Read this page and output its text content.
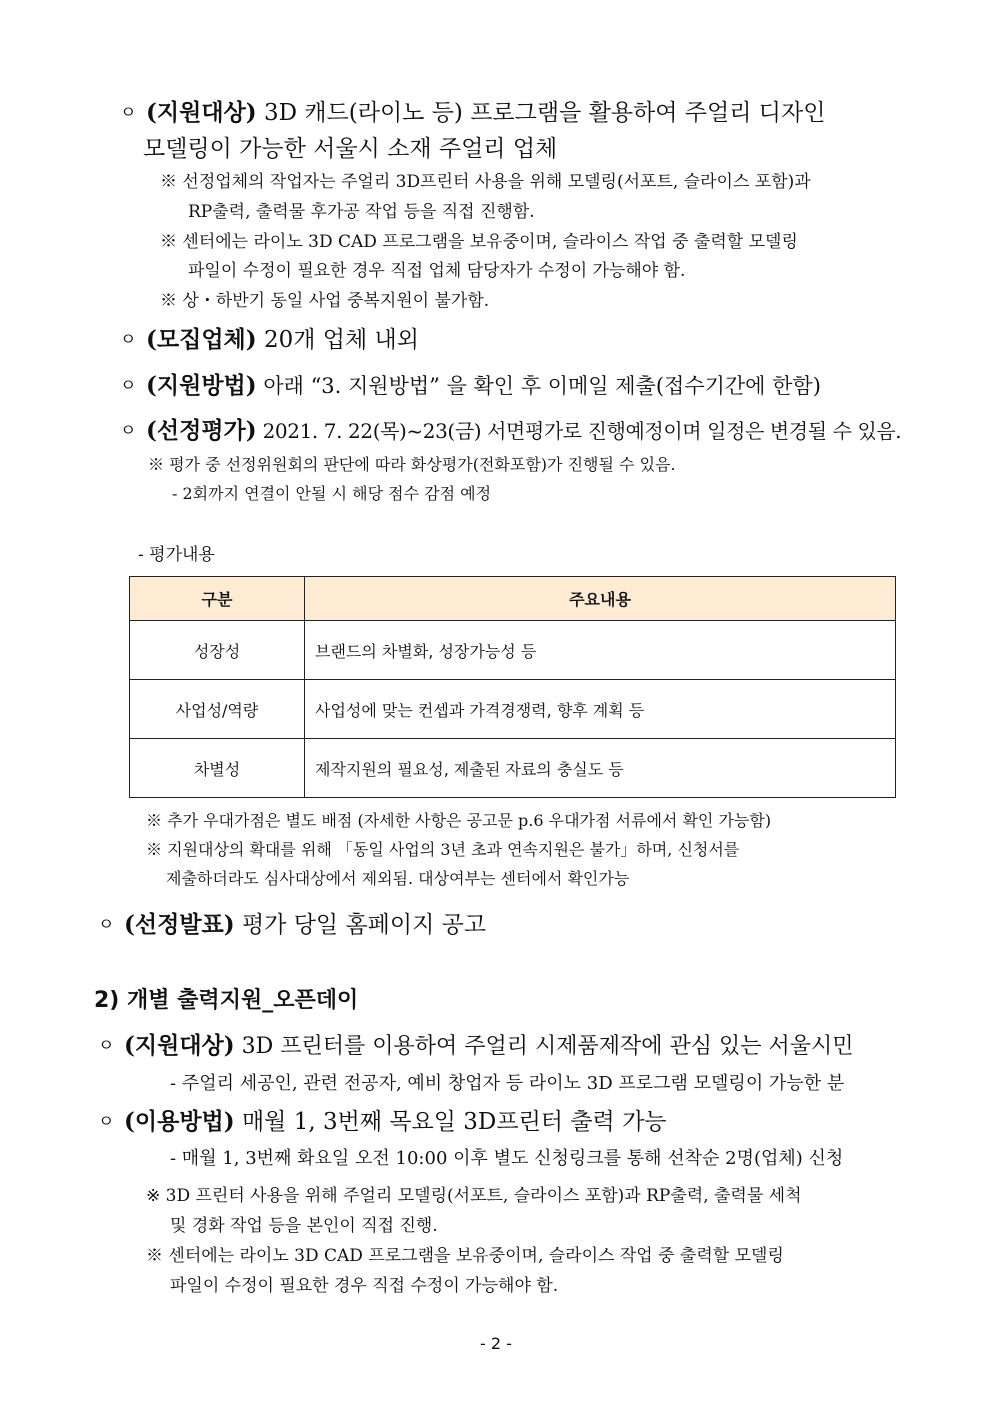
ㅇ (지원대상) 3D 캐드(라이노 등) 프로그램을 활용하여 주얼리 디자인
모델링이 가능한 서울시 소재 주얼리 업체
※ 선정업체의 작업자는 주얼리 3D프린터 사용을 위해 모델링(서포트, 슬라이스 포함)과
RP출력, 출력물 후가공 작업 등을 직접 진행함.
※ 센터에는 라이노 3D CAD 프로그램을 보유중이며, 슬라이스 작업 중 출력할 모델링
파일이 수정이 필요한 경우 직접 업체 담당자가 수정이 가능해야 함.
※ 상・하반기 동일 사업 중복지원이 불가함.
ㅇ (모집업체) 20개 업체 내외
ㅇ (지원방법) 아래 “3. 지원방법” 을 확인 후 이메일 제출(접수기간에 한함)
ㅇ (선정평가) 2021. 7. 22(목)~23(금) 서면평가로 진행예정이며 일정은 변경될 수 있음.
※ 평가 중 선정위원회의 판단에 따라 화상평가(전화포함)가 진행될 수 있음.
- 2회까지 연결이 안될 시 해당 점수 감점 예정
- 평가내용
구분	주요내용
성장성	브랜드의 차별화, 성장가능성 등
사업성/역량	사업성에 맞는 컨셉과 가격경쟁력, 향후 계획 등
차별성	제작지원의 필요성, 제출된 자료의 충실도 등
※ 추가 우대가점은 별도 배점 (자세한 사항은 공고문 p.6 우대가점 서류에서 확인 가능함)
※ 지원대상의 확대를 위해 「동일 사업의 3년 초과 연속지원은 불가」하며, 신청서를
제출하더라도 심사대상에서 제외됨. 대상여부는 센터에서 확인가능
ㅇ (선정발표) 평가 당일 홈페이지 공고
2) 개별 출력지원_오픈데이
ㅇ (지원대상) 3D 프린터를 이용하여 주얼리 시제품제작에 관심 있는 서울시민
- 주얼리 세공인, 관련 전공자, 예비 창업자 등 라이노 3D 프로그램 모델링이 가능한 분
ㅇ (이용방법) 매월 1, 3번째 목요일 3D프린터 출력 가능
- 매월 1, 3번째 화요일 오전 10:00 이후 별도 신청링크를 통해 선착순 2명(업체) 신청
※ 3D 프린터 사용을 위해 주얼리 모델링(서포트, 슬라이스 포함)과 RP출력, 출력물 세척
및 경화 작업 등을 본인이 직접 진행.
※ 센터에는 라이노 3D CAD 프로그램을 보유중이며, 슬라이스 작업 중 출력할 모델링
파일이 수정이 필요한 경우 직접 수정이 가능해야 함.
- 2 -
